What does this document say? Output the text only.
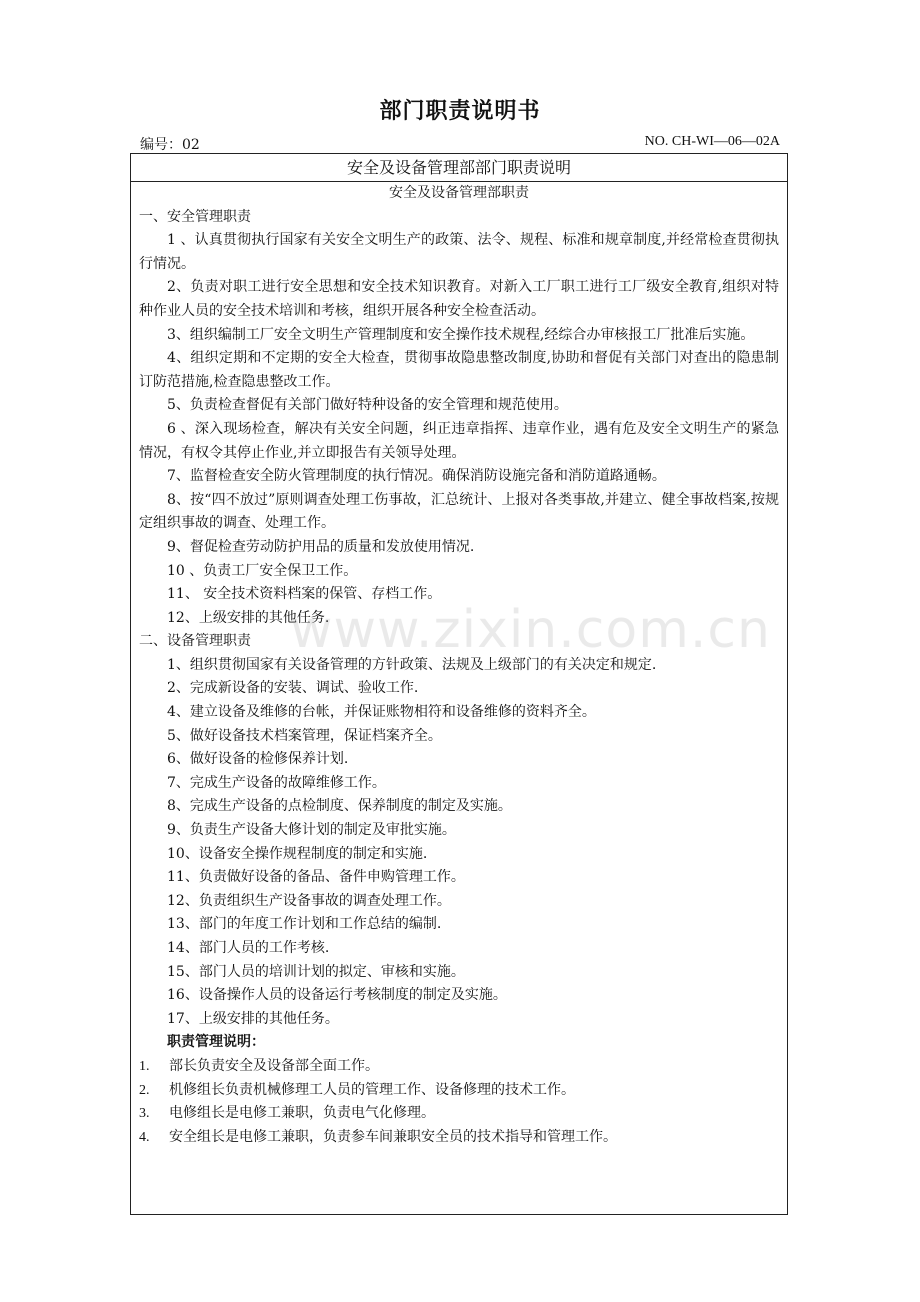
部门职责说明书
编号：02	NO. CH-WI—06—02A
安全及设备管理部部门职责说明
安全及设备管理部职责
一、安全管理职责
1 、认真贯彻执行国家有关安全文明生产的政策、法令、规程、标准和规章制度,并经常检查贯彻执行情况。
2、负责对职工进行安全思想和安全技术知识教育。对新入工厂职工进行工厂级安全教育,组织对特种作业人员的安全技术培训和考核，组织开展各种安全检查活动。
3、组织编制工厂安全文明生产管理制度和安全操作技术规程,经综合办审核报工厂批准后实施。
4、组织定期和不定期的安全大检查，贯彻事故隐患整改制度,协助和督促有关部门对查出的隐患制订防范措施,检查隐患整改工作。
5、负责检查督促有关部门做好特种设备的安全管理和规范使用。
6 、深入现场检查，解决有关安全问题，纠正违章指挥、违章作业，遇有危及安全文明生产的紧急情况，有权令其停止作业,并立即报告有关领导处理。
7、监督检查安全防火管理制度的执行情况。确保消防设施完备和消防道路通畅。
8、按“四不放过”原则调查处理工伤事故，汇总统计、上报对各类事故,并建立、健全事故档案,按规定组织事故的调查、处理工作。
9、督促检查劳动防护用品的质量和发放使用情况.
10 、负责工厂安全保卫工作。
11、 安全技术资料档案的保管、存档工作。
12、上级安排的其他任务.
二、设备管理职责
1、组织贯彻国家有关设备管理的方针政策、法规及上级部门的有关决定和规定.
2、完成新设备的安装、调试、验收工作.
4、建立设备及维修的台帐，并保证账物相符和设备维修的资料齐全。
5、做好设备技术档案管理，保证档案齐全。
6、做好设备的检修保养计划.
7、完成生产设备的故障维修工作。
8、完成生产设备的点检制度、保养制度的制定及实施。
9、负责生产设备大修计划的制定及审批实施。
10、设备安全操作规程制度的制定和实施.
11、负责做好设备的备品、备件申购管理工作。
12、负责组织生产设备事故的调查处理工作。
13、部门的年度工作计划和工作总结的编制.
14、部门人员的工作考核.
15、部门人员的培训计划的拟定、审核和实施。
16、设备操作人员的设备运行考核制度的制定及实施。
17、上级安排的其他任务。
职责管理说明：
1.	部长负责安全及设备部全面工作。
2.	机修组长负责机械修理工人员的管理工作、设备修理的技术工作。
3.	电修组长是电修工兼职，负责电气化修理。
4.	安全组长是电修工兼职，负责参车间兼职安全员的技术指导和管理工作。
www.zixin.com.cn
